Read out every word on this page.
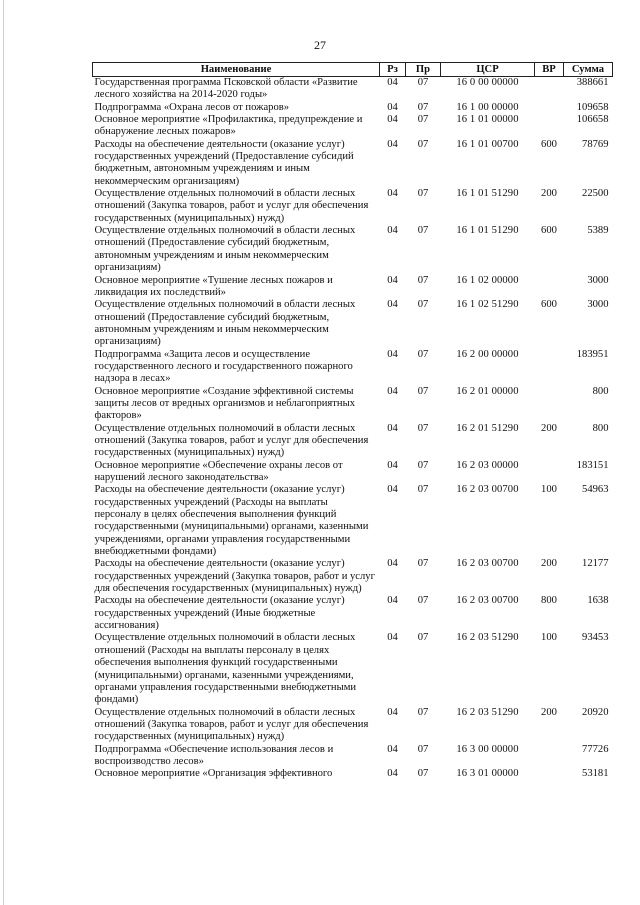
27
Наименование	Рз	Пр	ЦСР	ВР	Сумма
Государственная программа Псковской области «Развитие лесного хозяйства на 2014-2020 годы»	04	07	16 0 00 00000		388661
Подпрограмма «Охрана лесов от пожаров»	04	07	16 1 00 00000		109658
Основное мероприятие «Профилактика, предупреждение и обнаружение лесных пожаров»	04	07	16 1 01 00000		106658
Расходы на обеспечение деятельности (оказание услуг) государственных учреждений (Предоставление субсидий бюджетным, автономным учреждениям и иным некоммерческим организациям)	04	07	16 1 01 00700	600	78769
Осуществление отдельных полномочий в области лесных отношений (Закупка товаров, работ и услуг для обеспечения государственных (муниципальных) нужд)	04	07	16 1 01 51290	200	22500
Осуществление отдельных полномочий в области лесных отношений (Предоставление субсидий бюджетным, автономным учреждениям и иным некоммерческим организациям)	04	07	16 1 01 51290	600	5389
Основное мероприятие «Тушение лесных пожаров и ликвидация их последствий»	04	07	16 1 02 00000		3000
Осуществление отдельных полномочий в области лесных отношений (Предоставление субсидий бюджетным, автономным учреждениям и иным некоммерческим организациям)	04	07	16 1 02 51290	600	3000
Подпрограмма «Защита лесов и осуществление государственного лесного и государственного пожарного надзора в лесах»	04	07	16 2 00 00000		183951
Основное мероприятие «Создание эффективной системы защиты лесов от вредных организмов и неблагоприятных факторов»	04	07	16 2 01 00000		800
Осуществление отдельных полномочий в области лесных отношений (Закупка товаров, работ и услуг для обеспечения государственных (муниципальных) нужд)	04	07	16 2 01 51290	200	800
Основное мероприятие «Обеспечение охраны лесов от нарушений лесного законодательства»	04	07	16 2 03 00000		183151
Расходы на обеспечение деятельности (оказание услуг) государственных учреждений (Расходы на выплаты персоналу в целях обеспечения выполнения функций государственными (муниципальными) органами, казенными учреждениями, органами управления государственными внебюджетными фондами)	04	07	16 2 03 00700	100	54963
Расходы на обеспечение деятельности (оказание услуг) государственных учреждений (Закупка товаров, работ и услуг для обеспечения государственных (муниципальных) нужд)	04	07	16 2 03 00700	200	12177
Расходы на обеспечение деятельности (оказание услуг) государственных учреждений (Иные бюджетные ассигнования)	04	07	16 2 03 00700	800	1638
Осуществление отдельных полномочий в области лесных отношений (Расходы на выплаты персоналу в целях обеспечения выполнения функций государственными (муниципальными) органами, казенными учреждениями, органами управления государственными внебюджетными фондами)	04	07	16 2 03 51290	100	93453
Осуществление отдельных полномочий в области лесных отношений (Закупка товаров, работ и услуг для обеспечения государственных (муниципальных) нужд)	04	07	16 2 03 51290	200	20920
Подпрограмма «Обеспечение использования лесов и воспроизводство лесов»	04	07	16 3 00 00000		77726
Основное мероприятие «Организация эффективного	04	07	16 3 01 00000		53181
